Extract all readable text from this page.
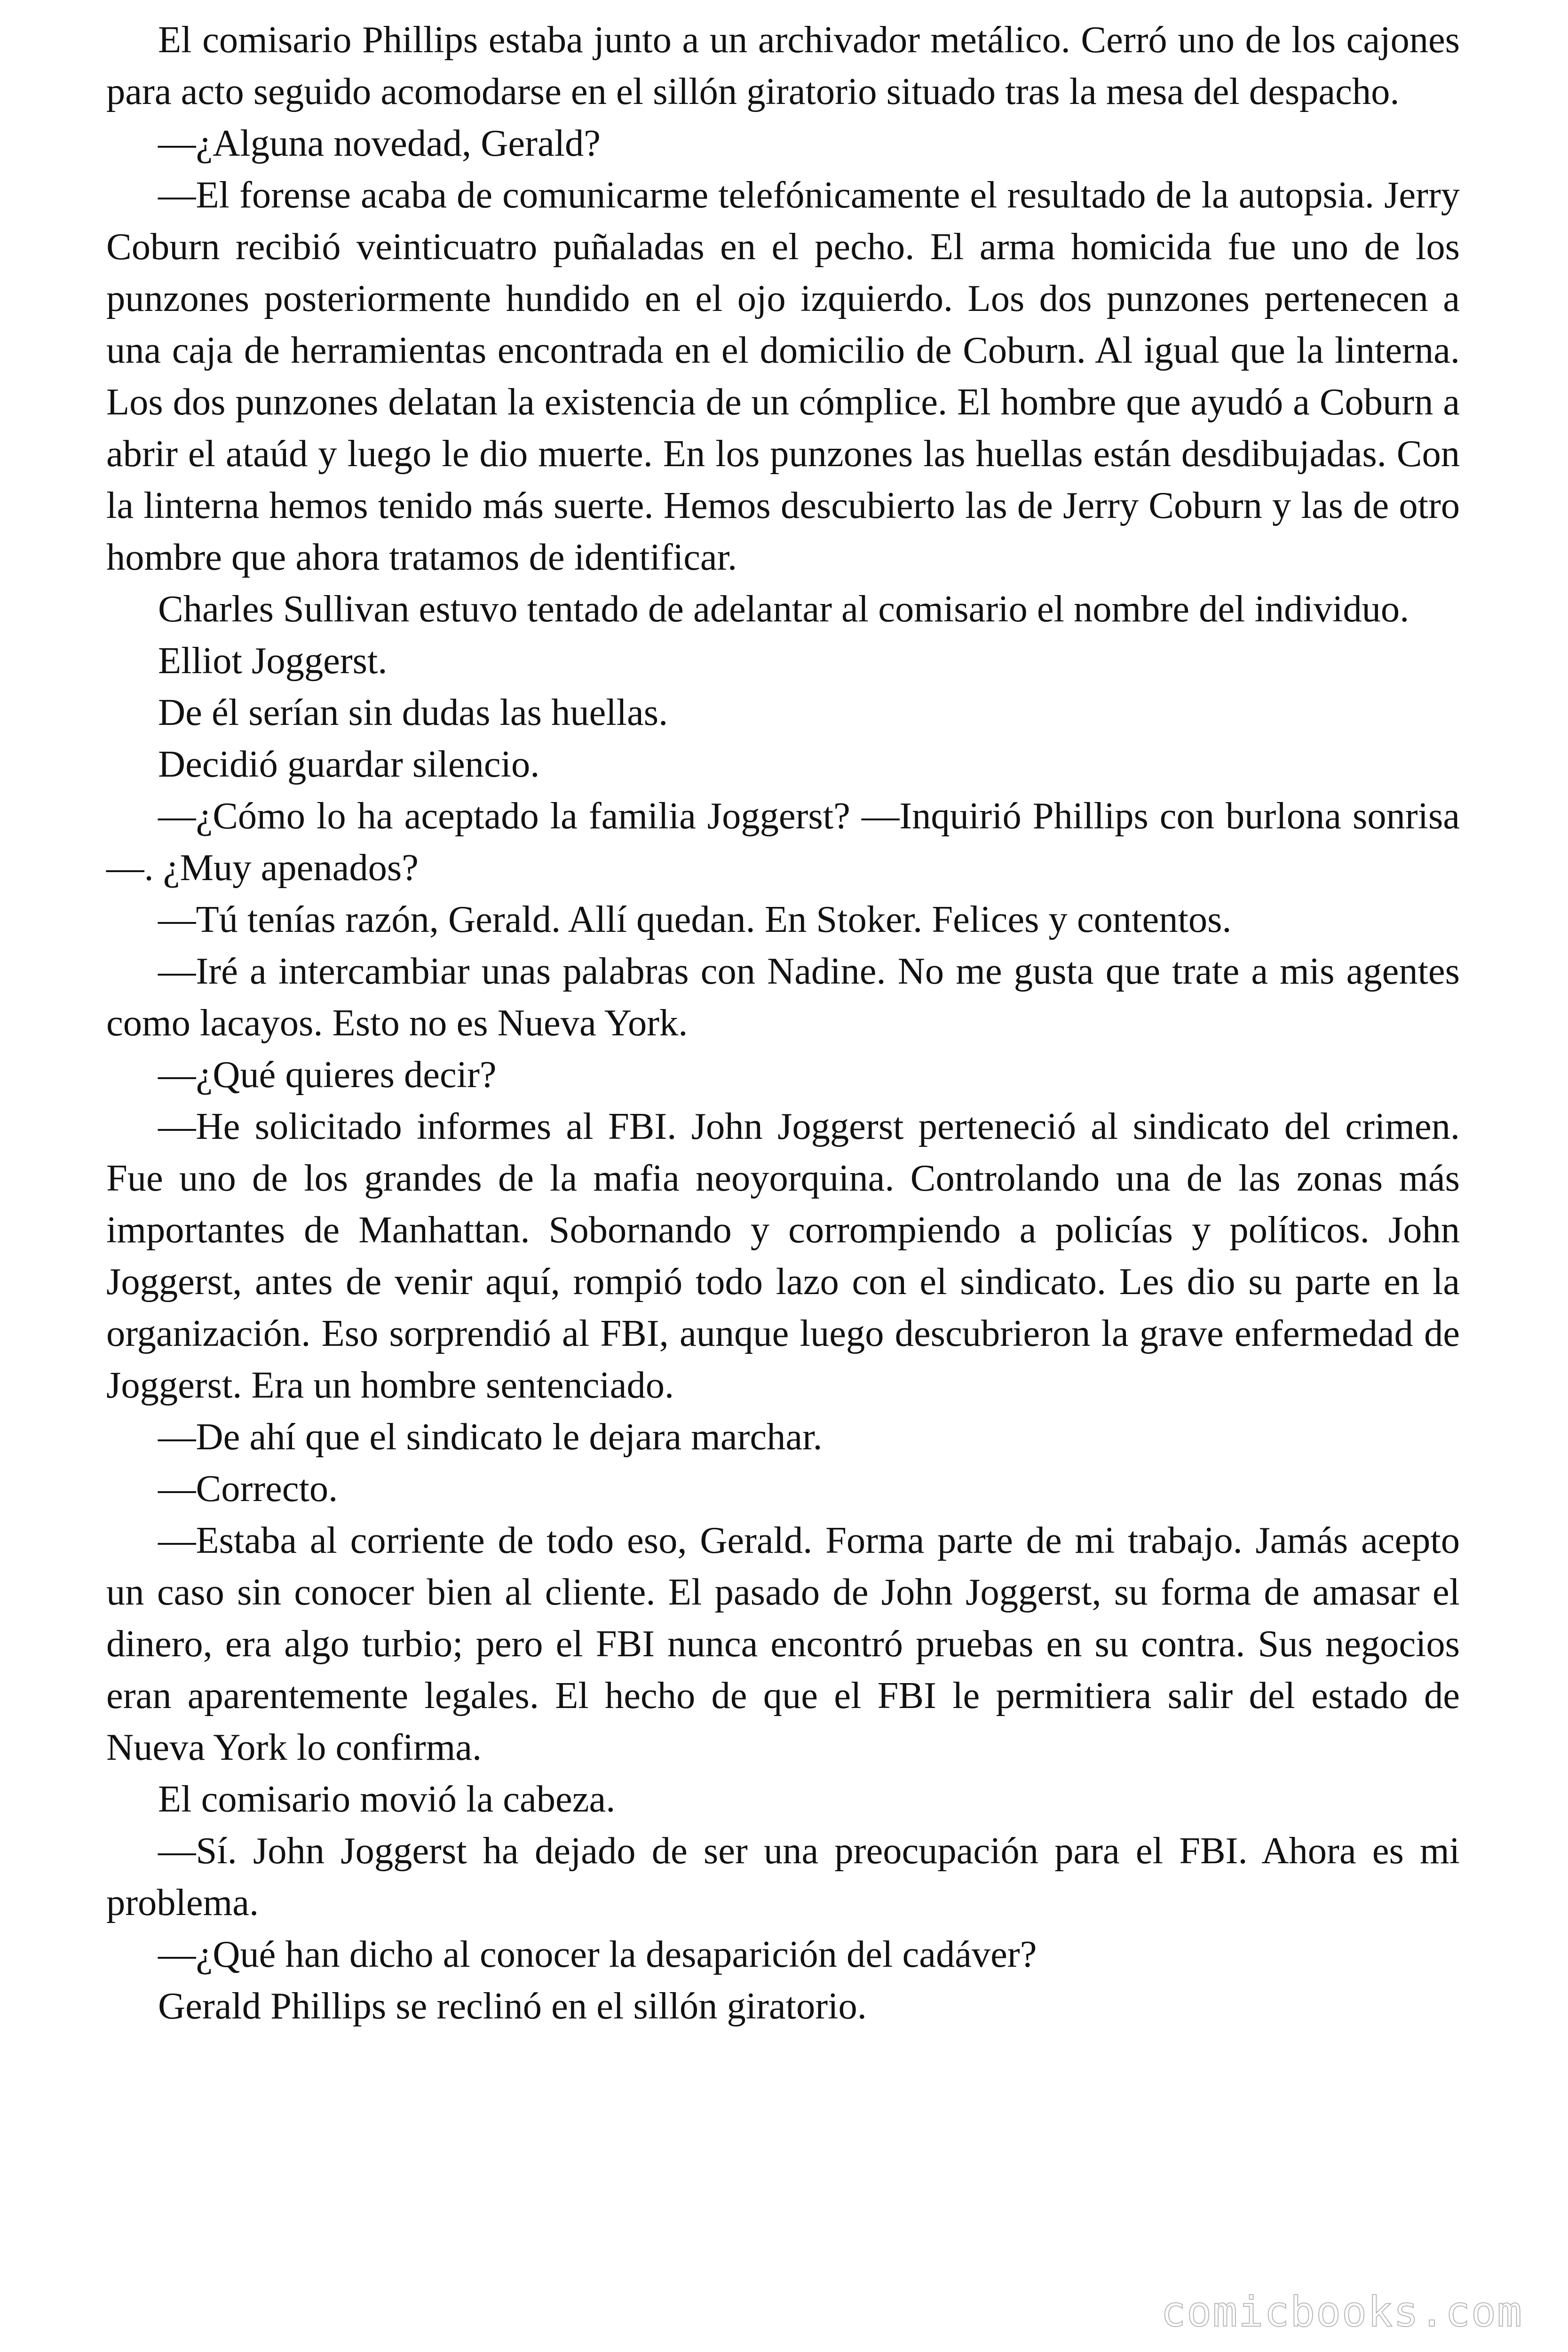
El comisario Phillips estaba junto a un archivador metálico. Cerró uno de los cajones para acto seguido acomodarse en el sillón giratorio situado tras la mesa del despacho.

—¿Alguna novedad, Gerald?

—El forense acaba de comunicarme telefónicamente el resultado de la autopsia. Jerry Coburn recibió veinticuatro puñaladas en el pecho. El arma homicida fue uno de los punzones posteriormente hundido en el ojo izquierdo. Los dos punzones pertenecen a una caja de herramientas encontrada en el domicilio de Coburn. Al igual que la linterna. Los dos punzones delatan la existencia de un cómplice. El hombre que ayudó a Coburn a abrir el ataúd y luego le dio muerte. En los punzones las huellas están desdibujadas. Con la linterna hemos tenido más suerte. Hemos descubierto las de Jerry Coburn y las de otro hombre que ahora tratamos de identificar.

Charles Sullivan estuvo tentado de adelantar al comisario el nombre del individuo.

Elliot Joggerst.

De él serían sin dudas las huellas.

Decidió guardar silencio.

—¿Cómo lo ha aceptado la familia Joggerst? —Inquirió Phillips con burlona sonrisa—. ¿Muy apenados?

—Tú tenías razón, Gerald. Allí quedan. En Stoker. Felices y contentos.

—Iré a intercambiar unas palabras con Nadine. No me gusta que trate a mis agentes como lacayos. Esto no es Nueva York.

—¿Qué quieres decir?

—He solicitado informes al FBI. John Joggerst perteneció al sindicato del crimen. Fue uno de los grandes de la mafia neoyorquina. Controlando una de las zonas más importantes de Manhattan. Sobornando y corrompiendo a policías y políticos. John Joggerst, antes de venir aquí, rompió todo lazo con el sindicato. Les dio su parte en la organización. Eso sorprendió al FBI, aunque luego descubrieron la grave enfermedad de Joggerst. Era un hombre sentenciado.

—De ahí que el sindicato le dejara marchar.

—Correcto.

—Estaba al corriente de todo eso, Gerald. Forma parte de mi trabajo. Jamás acepto un caso sin conocer bien al cliente. El pasado de John Joggerst, su forma de amasar el dinero, era algo turbio; pero el FBI nunca encontró pruebas en su contra. Sus negocios eran aparentemente legales. El hecho de que el FBI le permitiera salir del estado de Nueva York lo confirma.

El comisario movió la cabeza.

—Sí. John Joggerst ha dejado de ser una preocupación para el FBI. Ahora es mi problema.

—¿Qué han dicho al conocer la desaparición del cadáver?

Gerald Phillips se reclinó en el sillón giratorio.

comicbooks.com
